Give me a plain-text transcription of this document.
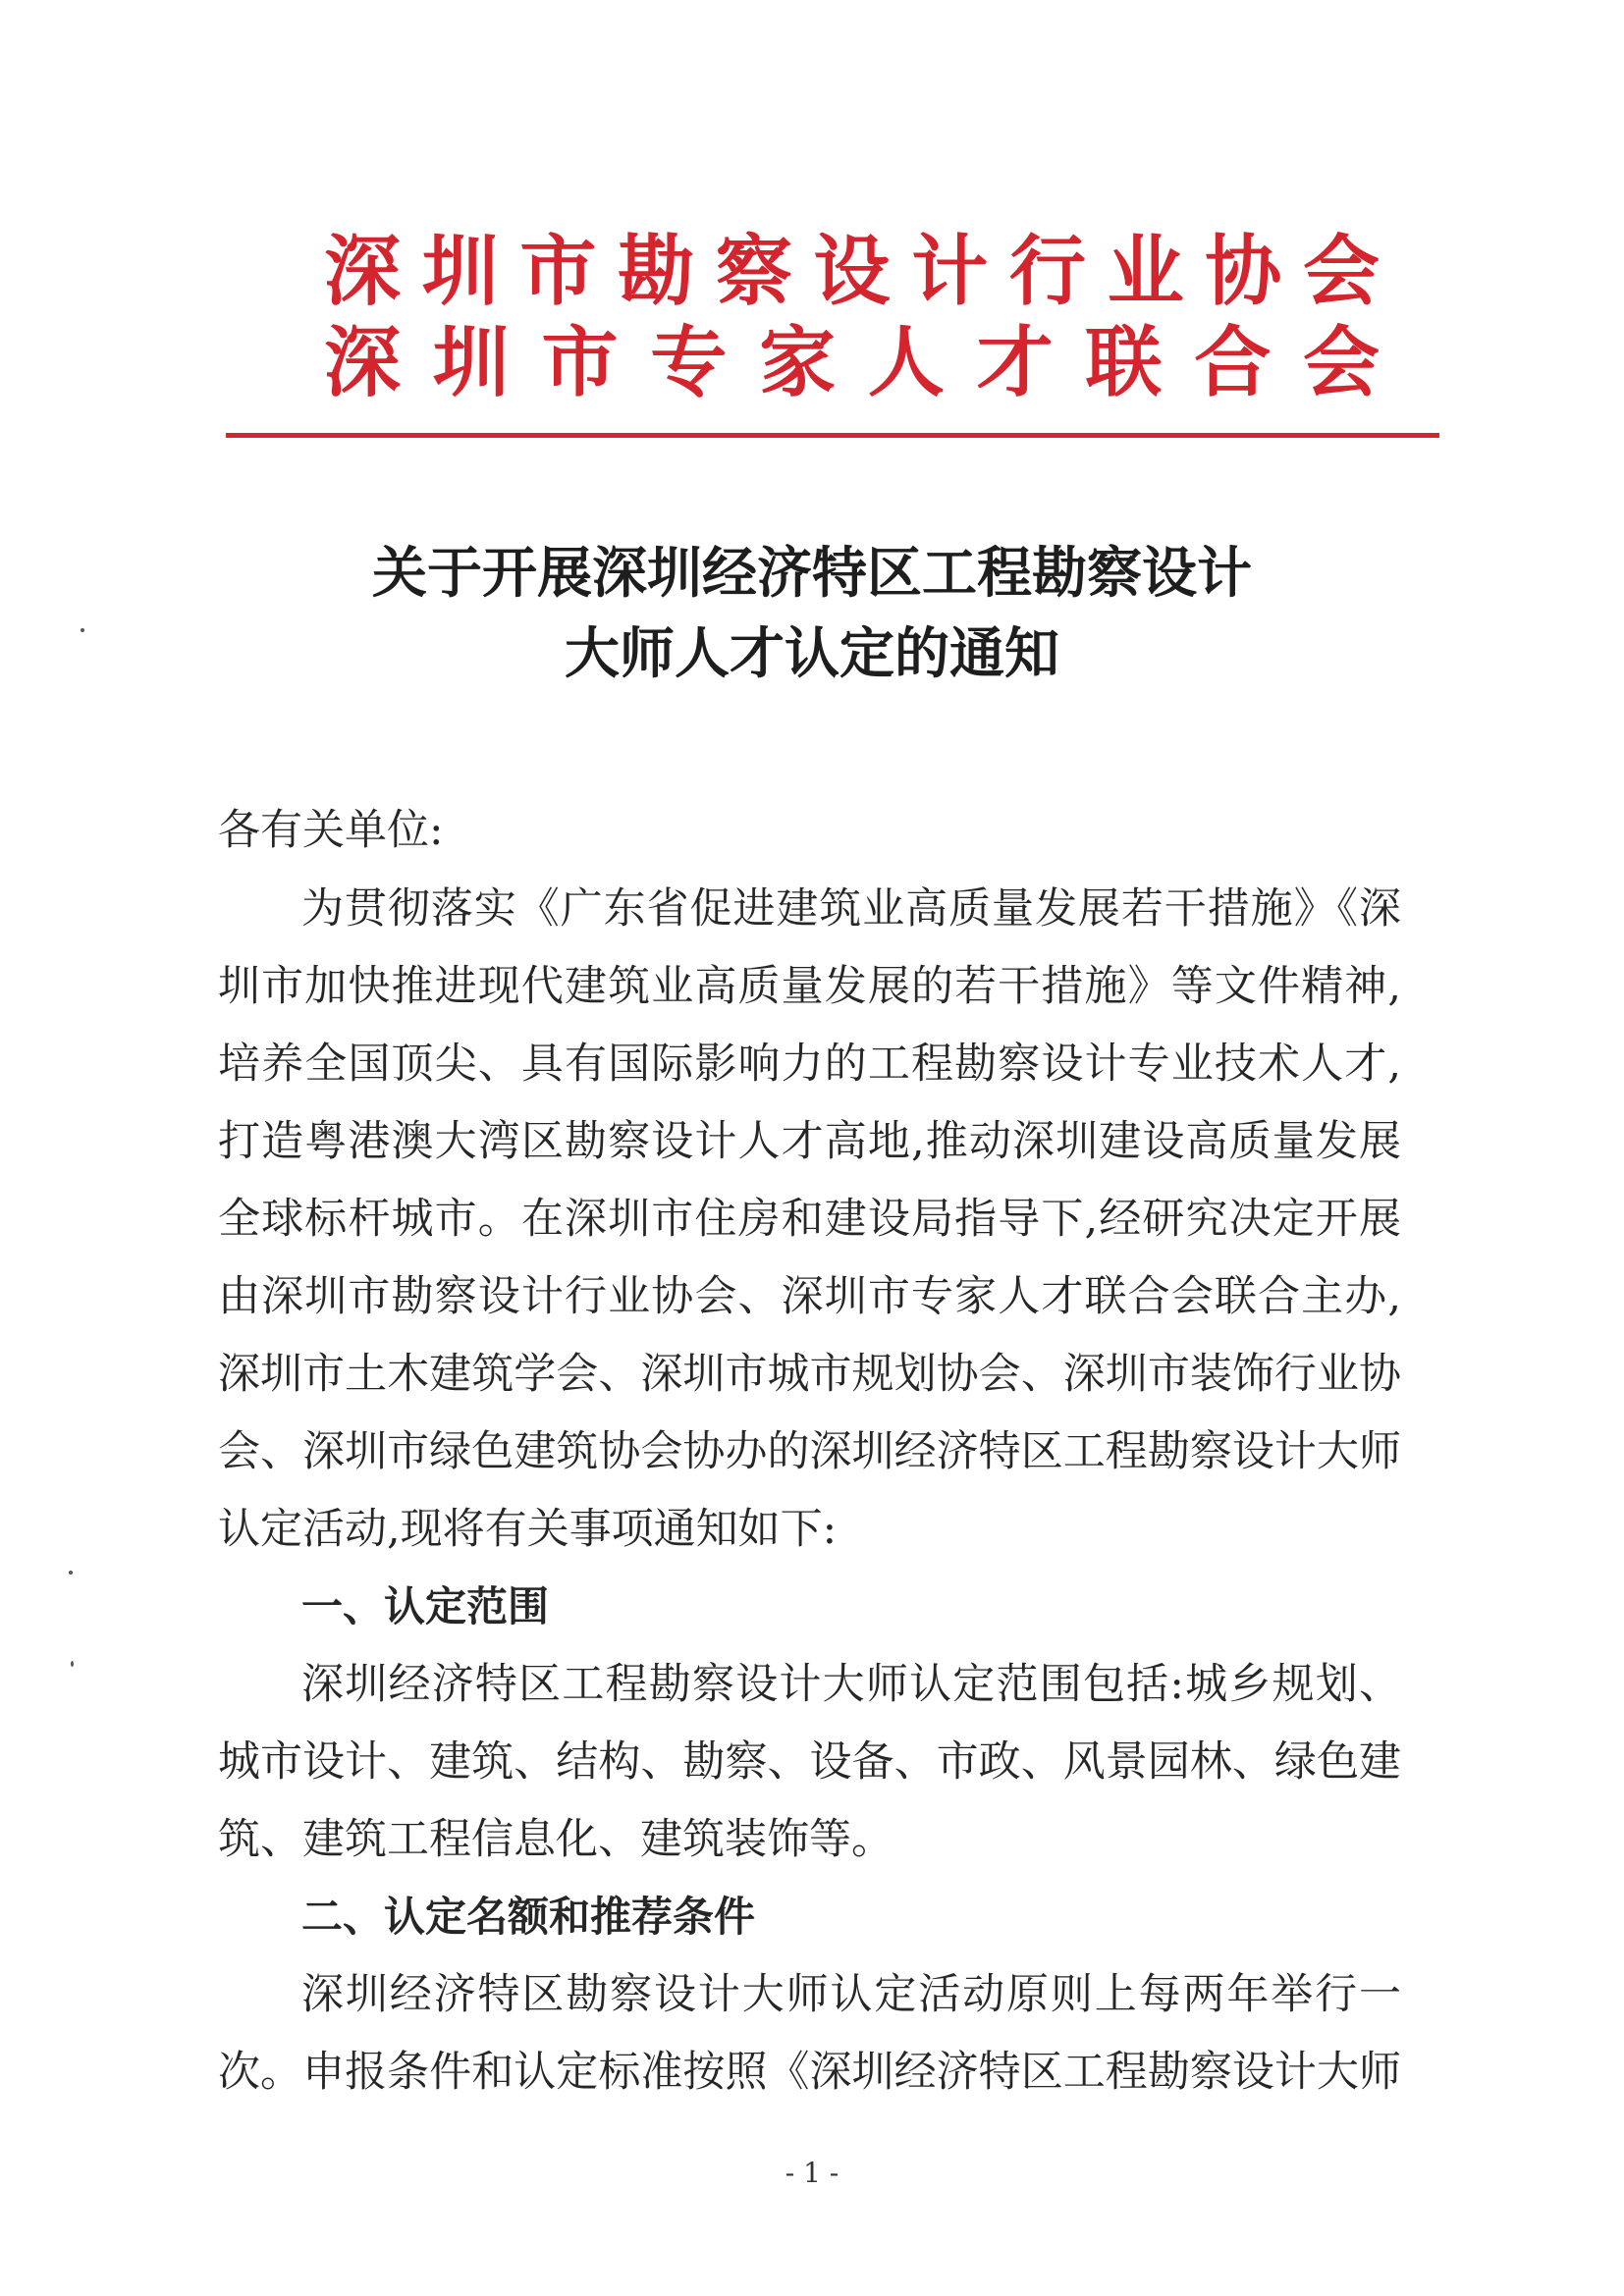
深圳市勘察设计行业协会
深圳市专家人才联合会
关于开展深圳经济特区工程勘察设计
大师人才认定的通知
各有关单位:
为贯彻落实《广东省促进建筑业高质量发展若干措施》《深
圳市加快推进现代建筑业高质量发展的若干措施》等文件精神,
培养全国顶尖、具有国际影响力的工程勘察设计专业技术人才,
打造粤港澳大湾区勘察设计人才高地,推动深圳建设高质量发展
全球标杆城市。在深圳市住房和建设局指导下,经研究决定开展
由深圳市勘察设计行业协会、深圳市专家人才联合会联合主办,
深圳市土木建筑学会、深圳市城市规划协会、深圳市装饰行业协
会、深圳市绿色建筑协会协办的深圳经济特区工程勘察设计大师
认定活动,现将有关事项通知如下:
一、认定范围
深圳经济特区工程勘察设计大师认定范围包括:城乡规划、
城市设计、建筑、结构、勘察、设备、市政、风景园林、绿色建
筑、建筑工程信息化、建筑装饰等。
二、认定名额和推荐条件
深圳经济特区勘察设计大师认定活动原则上每两年举行一
次。申报条件和认定标准按照《深圳经济特区工程勘察设计大师
- 1 -
